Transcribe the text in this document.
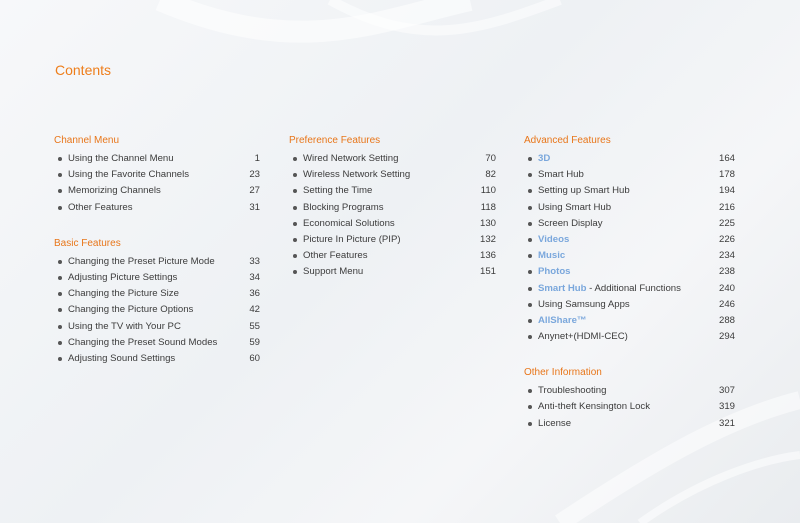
Contents
Channel Menu
Using the Channel Menu	1
Using the Favorite Channels	23
Memorizing Channels	27
Other Features	31
Basic Features
Changing the Preset Picture Mode	33
Adjusting Picture Settings	34
Changing the Picture Size	36
Changing the Picture Options	42
Using the TV with Your PC	55
Changing the Preset Sound Modes	59
Adjusting Sound Settings	60
Preference Features
Wired Network Setting	70
Wireless Network Setting	82
Setting the Time	110
Blocking Programs	118
Economical Solutions	130
Picture In Picture (PIP)	132
Other Features	136
Support Menu	151
Advanced Features
3D	164
Smart Hub	178
Setting up Smart Hub	194
Using Smart Hub	216
Screen Display	225
Videos	226
Music	234
Photos	238
Smart Hub - Additional Functions	240
Using Samsung Apps	246
AllShare™	288
Anynet+(HDMI-CEC)	294
Other Information
Troubleshooting	307
Anti-theft Kensington Lock	319
License	321
